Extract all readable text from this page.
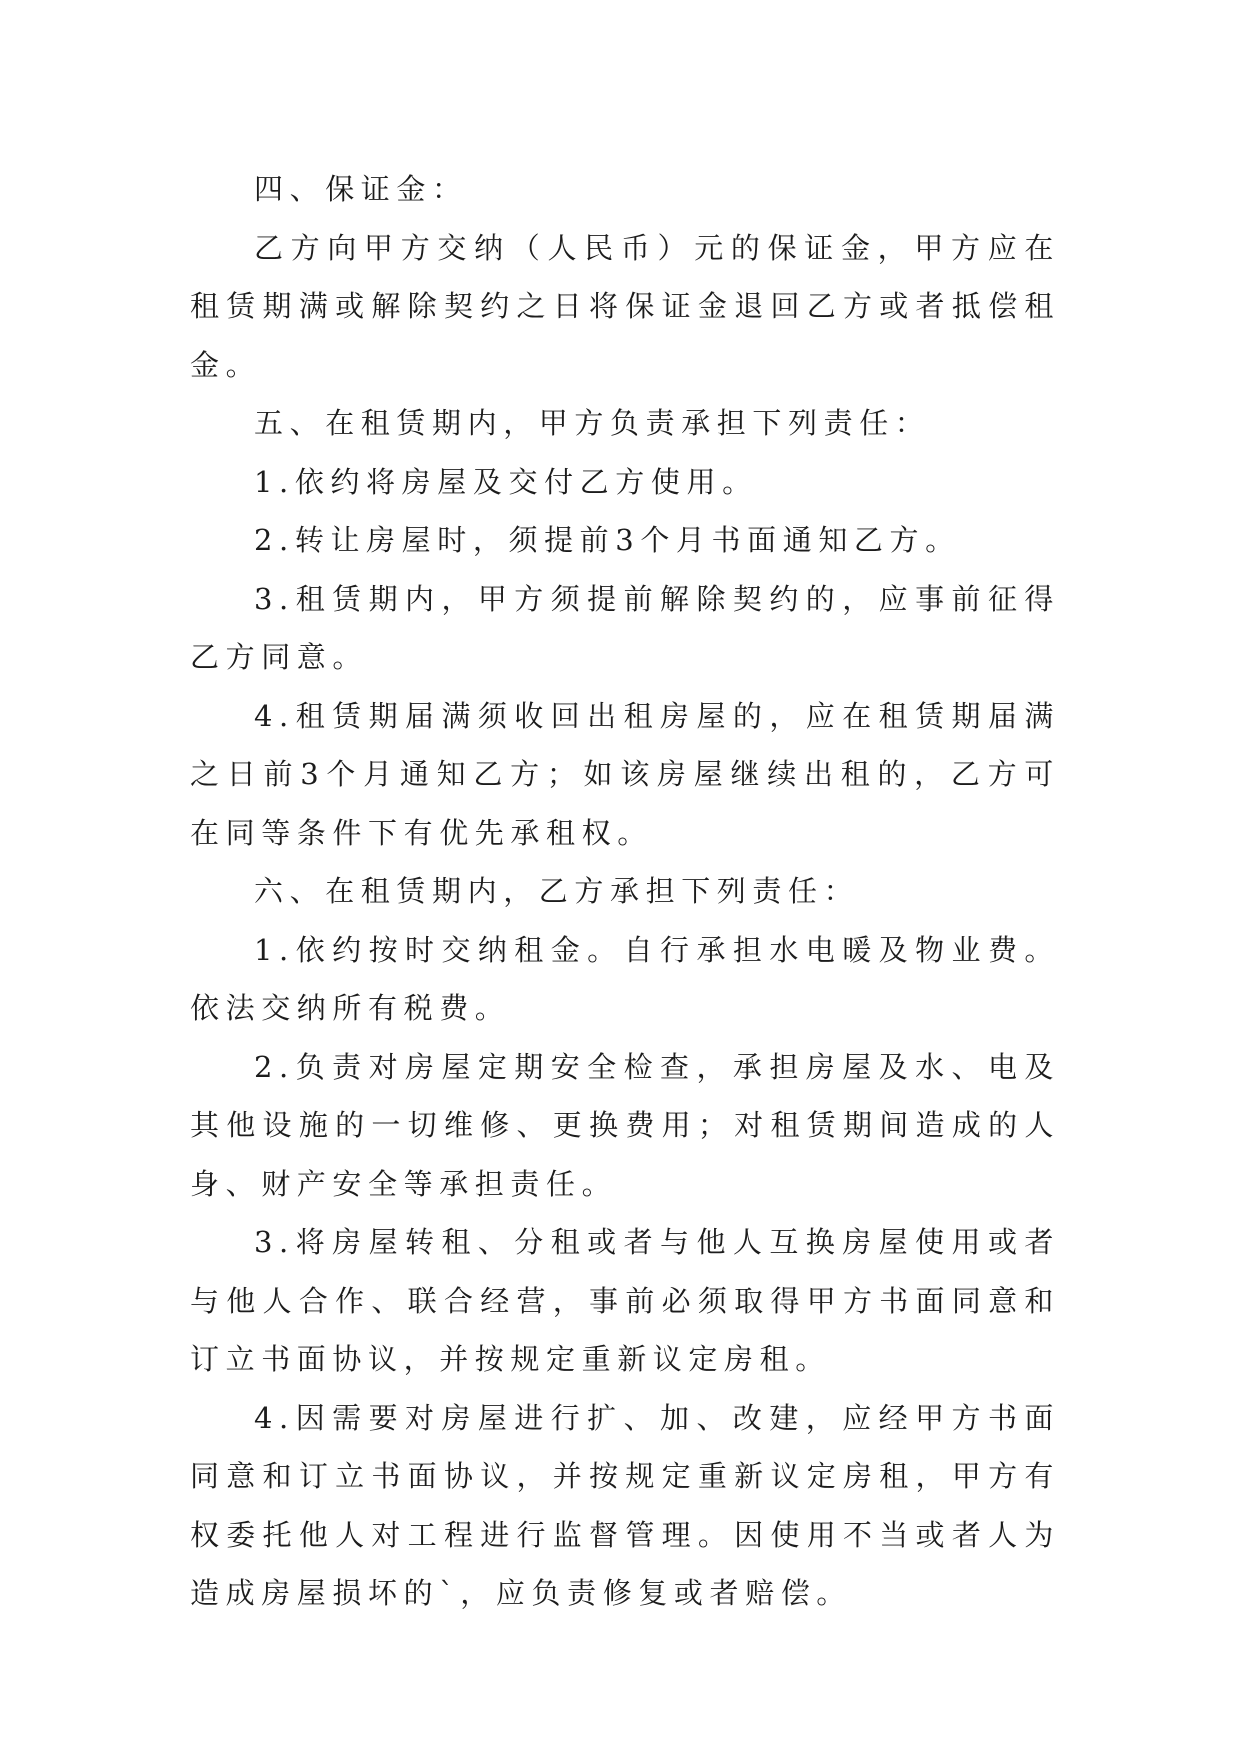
四、保证金：

乙方向甲方交纳（人民币）元的保证金，甲方应在租赁期满或解除契约之日将保证金退回乙方或者抵偿租金。

五、在租赁期内，甲方负责承担下列责任：

1.依约将房屋及交付乙方使用。

2.转让房屋时，须提前3个月书面通知乙方。

3.租赁期内，甲方须提前解除契约的，应事前征得乙方同意。

4.租赁期届满须收回出租房屋的，应在租赁期届满之日前3个月通知乙方；如该房屋继续出租的，乙方可在同等条件下有优先承租权。

六、在租赁期内，乙方承担下列责任：

1.依约按时交纳租金。自行承担水电暖及物业费。依法交纳所有税费。

2.负责对房屋定期安全检查，承担房屋及水、电及其他设施的一切维修、更换费用；对租赁期间造成的人身、财产安全等承担责任。

3.将房屋转租、分租或者与他人互换房屋使用或者与他人合作、联合经营，事前必须取得甲方书面同意和订立书面协议，并按规定重新议定房租。

4.因需要对房屋进行扩、加、改建，应经甲方书面同意和订立书面协议，并按规定重新议定房租，甲方有权委托他人对工程进行监督管理。因使用不当或者人为造成房屋损坏的`，应负责修复或者赔偿。
